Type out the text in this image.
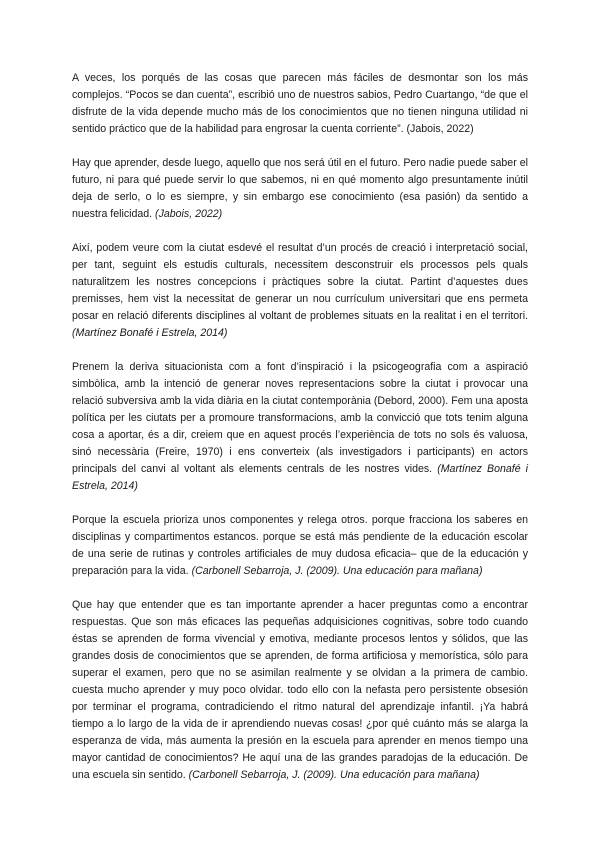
A veces, los porqués de las cosas que parecen más fáciles de desmontar son los más complejos. “Pocos se dan cuenta”, escribió uno de nuestros sabios, Pedro Cuartango, “de que el disfrute de la vida depende mucho más de los conocimientos que no tienen ninguna utilidad ni sentido práctico que de la habilidad para engrosar la cuenta corriente”. (Jabois, 2022)

Hay que aprender, desde luego, aquello que nos será útil en el futuro. Pero nadie puede saber el futuro, ni para qué puede servir lo que sabemos, ni en qué momento algo presuntamente inútil deja de serlo, o lo es siempre, y sin embargo ese conocimiento (esa pasión) da sentido a nuestra felicidad. (Jabois, 2022)

Així, podem veure com la ciutat esdevé el resultat d’un procés de creació i interpretació social, per tant, seguint els estudis culturals, necessitem desconstruir els processos pels quals naturalitzem les nostres concepcions i pràctiques sobre la ciutat. Partint d’aquestes dues premisses, hem vist la necessitat de generar un nou currículum universitari que ens permeta posar en relació diferents disciplines al voltant de problemes situats en la realitat i en el territori. (Martínez Bonafé i Estrela, 2014)

Prenem la deriva situacionista com a font d’inspiració i la psicogeografia com a aspiració simbòlica, amb la intenció de generar noves representacions sobre la ciutat i provocar una relació subversiva amb la vida diària en la ciutat contemporània (Debord, 2000). Fem una aposta política per les ciutats per a promoure transformacions, amb la convicció que tots tenim alguna cosa a aportar, és a dir, creiem que en aquest procés l’experiència de tots no sols és valuosa, sinó necessària (Freire, 1970) i ens converteix (als investigadors i participants) en actors principals del canvi al voltant als elements centrals de les nostres vides. (Martínez Bonafé i Estrela, 2014)

Porque la escuela prioriza unos componentes y relega otros. porque fracciona los saberes en disciplinas y compartimentos estancos. porque se está más pendiente de la educación escolar de una serie de rutinas y controles artificiales de muy dudosa eficacia– que de la educación y preparación para la vida. (Carbonell Sebarroja, J. (2009). Una educación para mañana)

Que hay que entender que es tan importante aprender a hacer preguntas como a encontrar respuestas. Que son más eficaces las pequeñas adquisiciones cognitivas, sobre todo cuando éstas se aprenden de forma vivencial y emotiva, mediante procesos lentos y sólidos, que las grandes dosis de conocimientos que se aprenden, de forma artificiosa y memorística, sólo para superar el examen, pero que no se asimilan realmente y se olvidan a la primera de cambio. cuesta mucho aprender y muy poco olvidar. todo ello con la nefasta pero persistente obsesión por terminar el programa, contradiciendo el ritmo natural del aprendizaje infantil. ¡Ya habrá tiempo a lo largo de la vida de ir aprendiendo nuevas cosas! ¿por qué cuánto más se alarga la esperanza de vida, más aumenta la presión en la escuela para aprender en menos tiempo una mayor cantidad de conocimientos? He aquí una de las grandes paradojas de la educación. De una escuela sin sentido. (Carbonell Sebarroja, J. (2009). Una educación para mañana)
